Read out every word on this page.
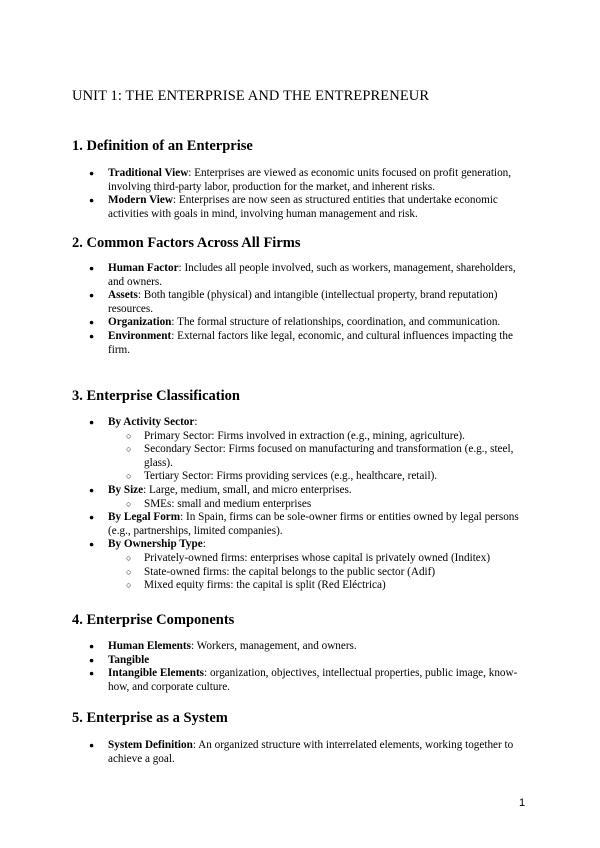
UNIT 1: THE ENTERPRISE AND THE ENTREPRENEUR
1. Definition of an Enterprise
● Traditional View: Enterprises are viewed as economic units focused on profit generation, involving third-party labor, production for the market, and inherent risks.
● Modern View: Enterprises are now seen as structured entities that undertake economic activities with goals in mind, involving human management and risk.
2. Common Factors Across All Firms
● Human Factor: Includes all people involved, such as workers, management, shareholders, and owners.
● Assets: Both tangible (physical) and intangible (intellectual property, brand reputation) resources.
● Organization: The formal structure of relationships, coordination, and communication.
● Environment: External factors like legal, economic, and cultural influences impacting the firm.
3. Enterprise Classification
● By Activity Sector:
○ Primary Sector: Firms involved in extraction (e.g., mining, agriculture).
○ Secondary Sector: Firms focused on manufacturing and transformation (e.g., steel, glass).
○ Tertiary Sector: Firms providing services (e.g., healthcare, retail).
● By Size: Large, medium, small, and micro enterprises.
○ SMEs: small and medium enterprises
● By Legal Form: In Spain, firms can be sole-owner firms or entities owned by legal persons (e.g., partnerships, limited companies).
● By Ownership Type:
○ Privately-owned firms: enterprises whose capital is privately owned (Inditex)
○ State-owned firms: the capital belongs to the public sector (Adif)
○ Mixed equity firms: the capital is split (Red Eléctrica)
4. Enterprise Components
● Human Elements: Workers, management, and owners.
● Tangible
● Intangible Elements: organization, objectives, intellectual properties, public image, know-how, and corporate culture.
5. Enterprise as a System
● System Definition: An organized structure with interrelated elements, working together to achieve a goal.
1
